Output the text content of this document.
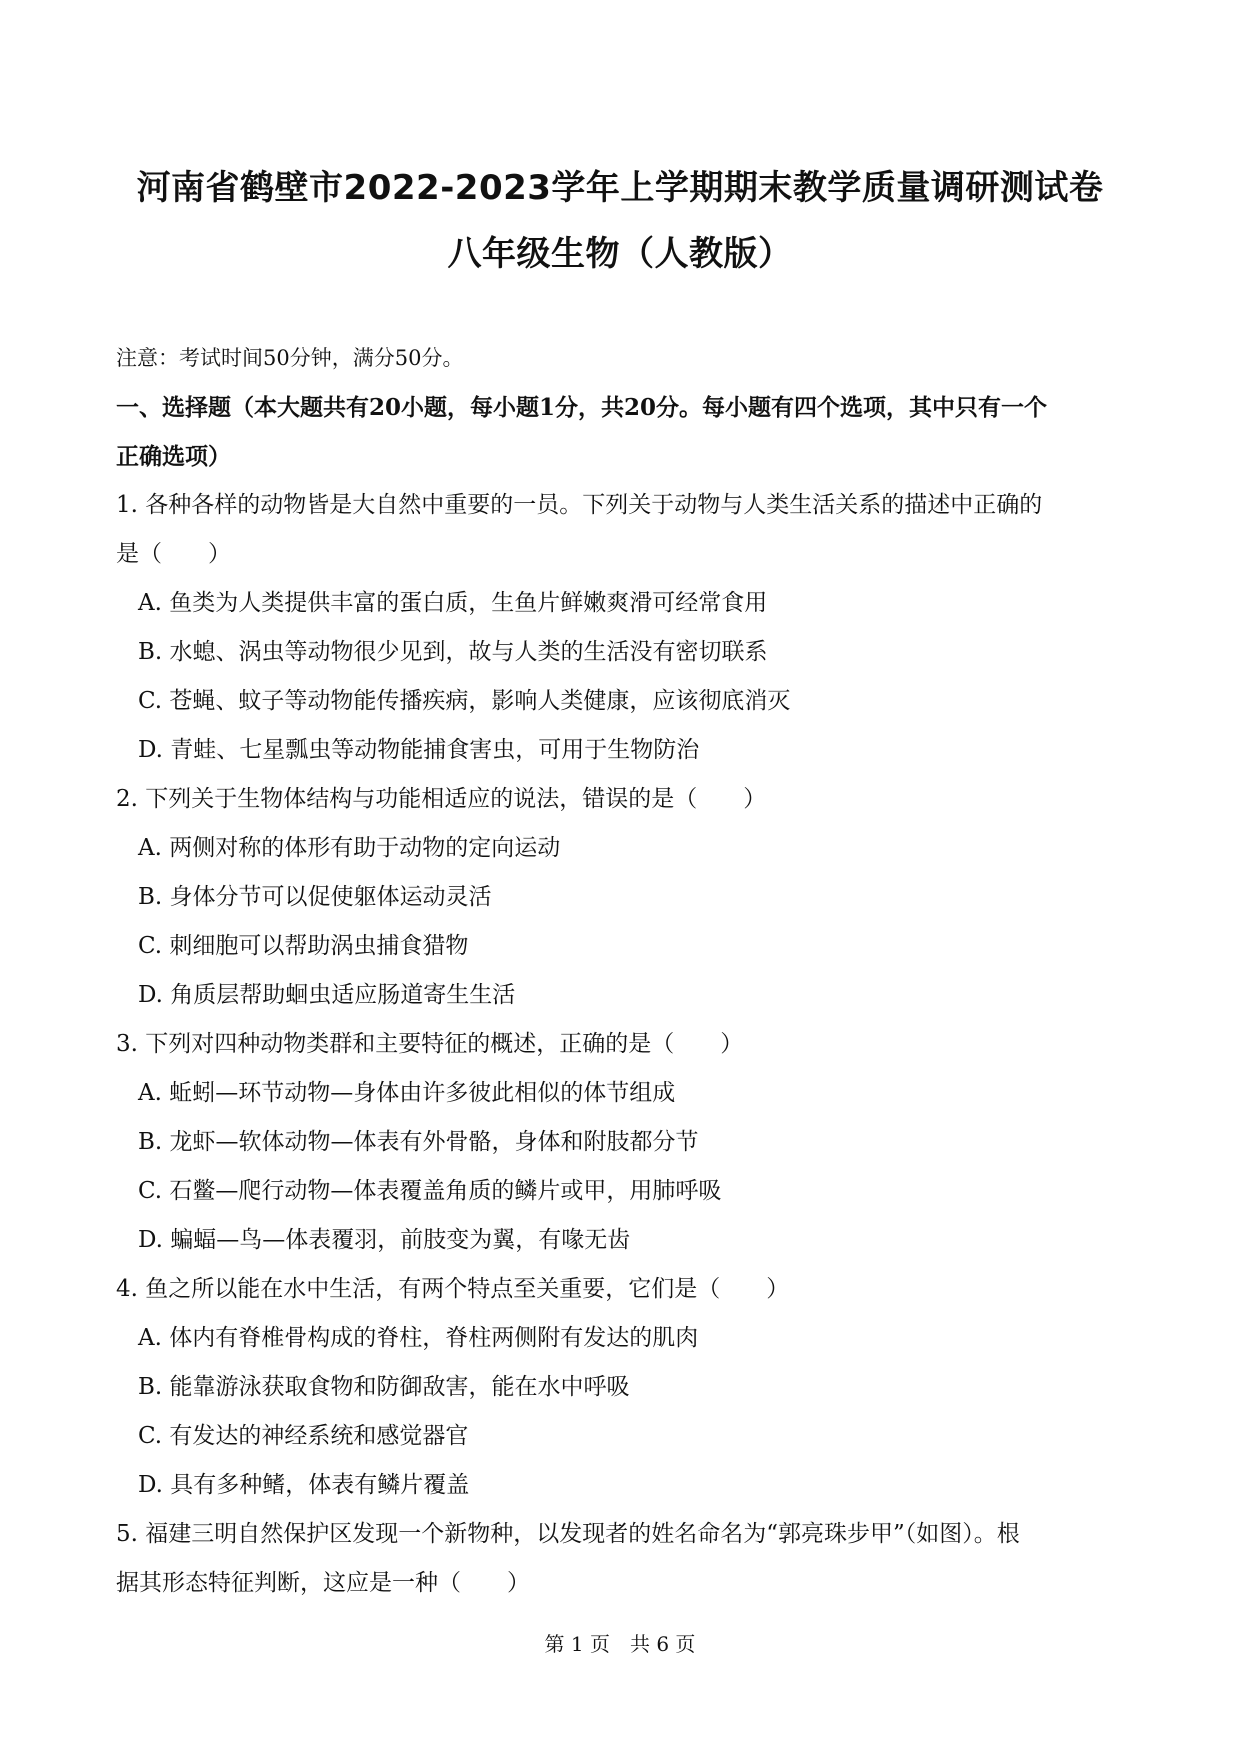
河南省鹤壁市2022-2023学年上学期期末教学质量调研测试卷
八年级生物（人教版）
注意：考试时间50分钟，满分50分。
一、选择题（本大题共有20小题，每小题1分，共20分。每小题有四个选项，其中只有一个
正确选项）
1. 各种各样的动物皆是大自然中重要的一员。下列关于动物与人类生活关系的描述中正确的
是（　　）
A. 鱼类为人类提供丰富的蛋白质，生鱼片鲜嫩爽滑可经常食用
B. 水螅、涡虫等动物很少见到，故与人类的生活没有密切联系
C. 苍蝇、蚊子等动物能传播疾病，影响人类健康，应该彻底消灭
D. 青蛙、七星瓢虫等动物能捕食害虫，可用于生物防治
2. 下列关于生物体结构与功能相适应的说法，错误的是（　　）
A. 两侧对称的体形有助于动物的定向运动
B. 身体分节可以促使躯体运动灵活
C. 刺细胞可以帮助涡虫捕食猎物
D. 角质层帮助蛔虫适应肠道寄生生活
3. 下列对四种动物类群和主要特征的概述，正确的是（　　）
A. 蚯蚓—环节动物—身体由许多彼此相似的体节组成
B. 龙虾—软体动物—体表有外骨骼，身体和附肢都分节
C. 石鳖—爬行动物—体表覆盖角质的鳞片或甲，用肺呼吸
D. 蝙蝠—鸟—体表覆羽，前肢变为翼，有喙无齿
4. 鱼之所以能在水中生活，有两个特点至关重要，它们是（　　）
A. 体内有脊椎骨构成的脊柱，脊柱两侧附有发达的肌肉
B. 能靠游泳获取食物和防御敌害，能在水中呼吸
C. 有发达的神经系统和感觉器官
D. 具有多种鳍，体表有鳞片覆盖
5. 福建三明自然保护区发现一个新物种，以发现者的姓名命名为“郭亮珠步甲”（如图）。根
据其形态特征判断，这应是一种（　　）
第 1 页　共 6 页
